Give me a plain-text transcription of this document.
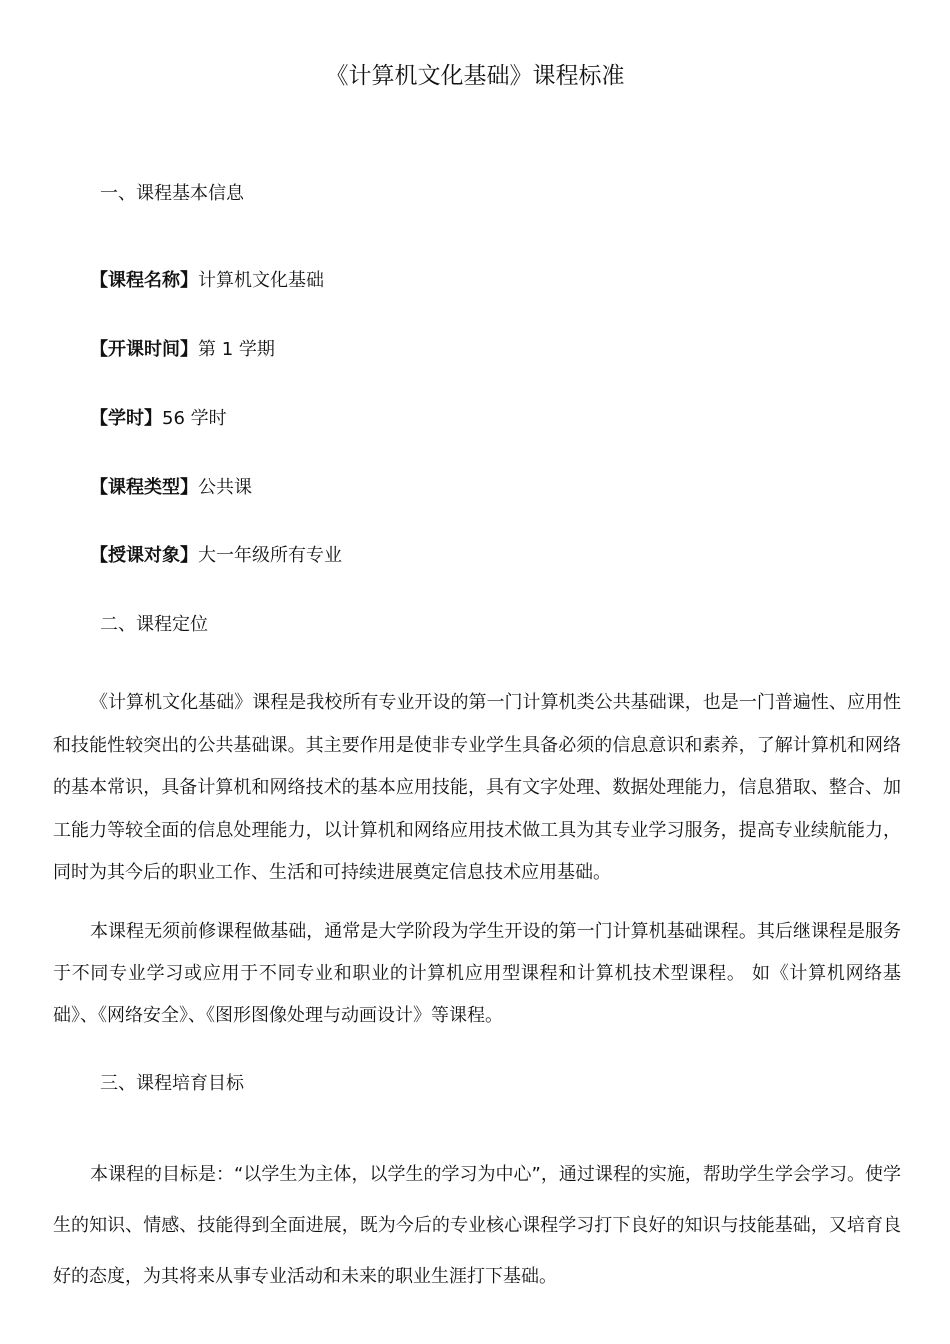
《计算机文化基础》课程标准
一、课程基本信息

【课程名称】计算机文化基础

【开课时间】第 1 学期

【学时】56 学时

【课程类型】公共课

【授课对象】大一年级所有专业

二、课程定位

《计算机文化基础》课程是我校所有专业开设的第一门计算机类公共基础课，也是一门普遍性、应用性和技能性较突出的公共基础课。其主要作用是使非专业学生具备必须的信息意识和素养，了解计算机和网络的基本常识，具备计算机和网络技术的基本应用技能，具有文字处理、数据处理能力，信息猎取、整合、加工能力等较全面的信息处理能力，以计算机和网络应用技术做工具为其专业学习服务，提高专业续航能力，同时为其今后的职业工作、生活和可持续进展奠定信息技术应用基础。

本课程无须前修课程做基础，通常是大学阶段为学生开设的第一门计算机基础课程。其后继课程是服务于不同专业学习或应用于不同专业和职业的计算机应用型课程和计算机技术型课程。 如《计算机网络基础》、《网络安全》、《图形图像处理与动画设计》等课程。

三、课程培育目标

本课程的目标是：“以学生为主体，以学生的学习为中心”，通过课程的实施，帮助学生学会学习。使学生的知识、情感、技能得到全面进展，既为今后的专业核心课程学习打下良好的知识与技能基础，又培育良好的态度，为其将来从事专业活动和未来的职业生涯打下基础。
